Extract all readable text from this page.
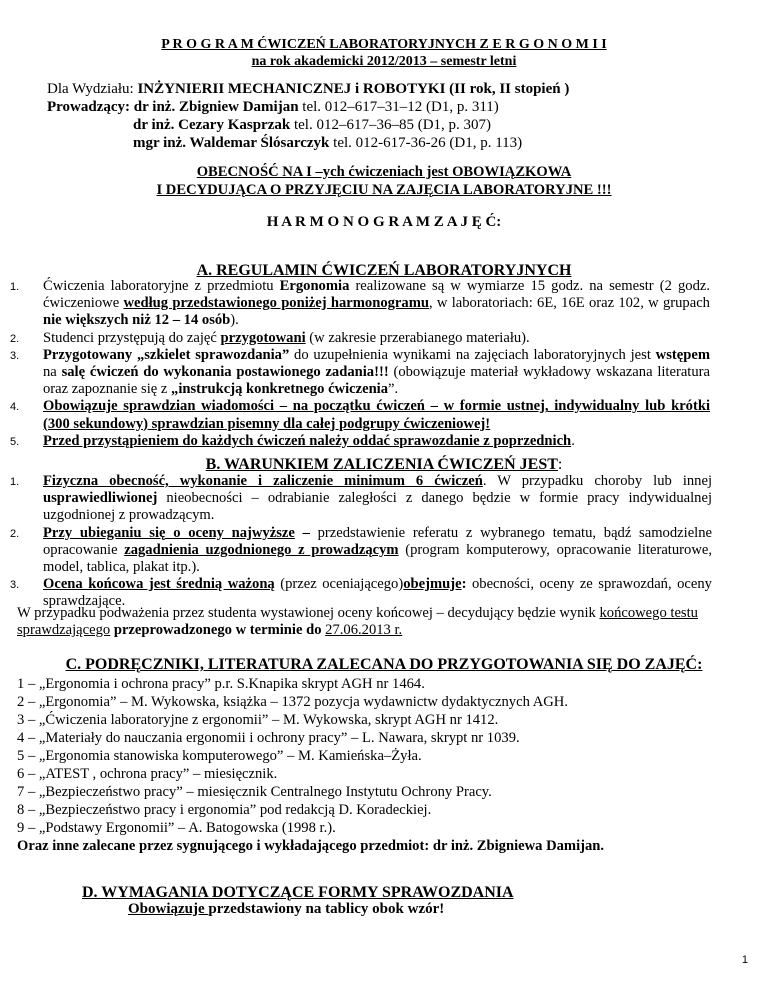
P R O G R A M ĆWICZEŃ LABORATORYJNYCH Z E R G O N O M I I
na rok akademicki 2012/2013 – semestr letni
Dla Wydziału: INŻYNIERII MECHANICZNEJ i ROBOTYKI (II rok, II stopień )
Prowadzący: dr inż. Zbigniew Damijan tel. 012–617–31–12 (D1, p. 311)
dr inż. Cezary Kasprzak tel. 012–617–36–85 (D1, p. 307)
mgr inż. Waldemar Ślósarczyk tel. 012-617-36-26 (D1, p. 113)
OBECNOŚĆ NA I –ych ćwiczeniach jest OBOWIĄZKOWA
I DECYDUJĄCA O PRZYJĘCIU NA ZAJĘCIA LABORATORYJNE !!!
H A R M O N O G R A M Z A J Ę Ć:
A. REGULAMIN ĆWICZEŃ LABORATORYJNYCH
1. Ćwiczenia laboratoryjne z przedmiotu Ergonomia realizowane są w wymiarze 15 godz. na semestr (2 godz. ćwiczeniowe według przedstawionego poniżej harmonogramu, w laboratoriach: 6E, 16E oraz 102, w grupach nie większych niż 12 – 14 osób).
2. Studenci przystępują do zajęć przygotowani (w zakresie przerabianego materiału).
3. Przygotowany „szkielet sprawozdania” do uzupełnienia wynikami na zajęciach laboratoryjnych jest wstępem na salę ćwiczeń do wykonania postawionego zadania!!! (obowiązuje materiał wykładowy wskazana literatura oraz zapoznanie się z „instrukcją konkretnego ćwiczenia”.
4. Obowiązuje sprawdzian wiadomości – na początku ćwiczeń – w formie ustnej, indywidualny lub krótki (300 sekundowy) sprawdzian pisemny dla całej podgrupy ćwiczeniowej!
5. Przed przystąpieniem do każdych ćwiczeń należy oddać sprawozdanie z poprzednich.
B. WARUNKIEM ZALICZENIA ĆWICZEŃ JEST:
1. Fizyczna obecność, wykonanie i zaliczenie minimum 6 ćwiczeń. W przypadku choroby lub innej usprawiedliwionej nieobecności – odrabianie zaległości z danego będzie w formie pracy indywidualnej uzgodnionej z prowadzącym.
2. Przy ubieganiu się o oceny najwyższe – przedstawienie referatu z wybranego tematu, bądź samodzielne opracowanie zagadnienia uzgodnionego z prowadzącym (program komputerowy, opracowanie literaturowe, model, tablica, plakat itp.).
3. Ocena końcowa jest średnią ważoną (przez oceniającego)obejmuje: obecności, oceny ze sprawozdań, oceny sprawdzające.
W przypadku podważenia przez studenta wystawionej oceny końcowej – decydujący będzie wynik końcowego testu sprawdzającego przeprowadzonego w terminie do 27.06.2013 r.
C. PODRĘCZNIKI, LITERATURA ZALECANA DO PRZYGOTOWANIA SIĘ DO ZAJĘĆ:
1 – „Ergonomia i ochrona pracy” p.r. S.Knapika skrypt AGH nr 1464.
2 – „Ergonomia” – M. Wykowska, książka – 1372 pozycja wydawnictw dydaktycznych AGH.
3 – „Ćwiczenia laboratoryjne z ergonomii” – M. Wykowska, skrypt AGH nr 1412.
4 – „Materiały do nauczania ergonomii i ochrony pracy” – L. Nawara, skrypt nr 1039.
5 – „Ergonomia stanowiska komputerowego” – M. Kamieńska–Żyła.
6 – „ATEST , ochrona pracy” – miesięcznik.
7 – „Bezpieczeństwo pracy” – miesięcznik Centralnego Instytutu Ochrony Pracy.
8 – „Bezpieczeństwo pracy i ergonomia” pod redakcją D. Koradeckiej.
9 – „Podstawy Ergonomii” – A. Batogowska (1998 r.).
Oraz inne zalecane przez sygnującego i wykładającego przedmiot: dr inż. Zbigniewa Damijan.
D. WYMAGANIA DOTYCZĄCE FORMY SPRAWOZDANIA
Obowiązuje przedstawiony na tablicy obok wzór!
1
